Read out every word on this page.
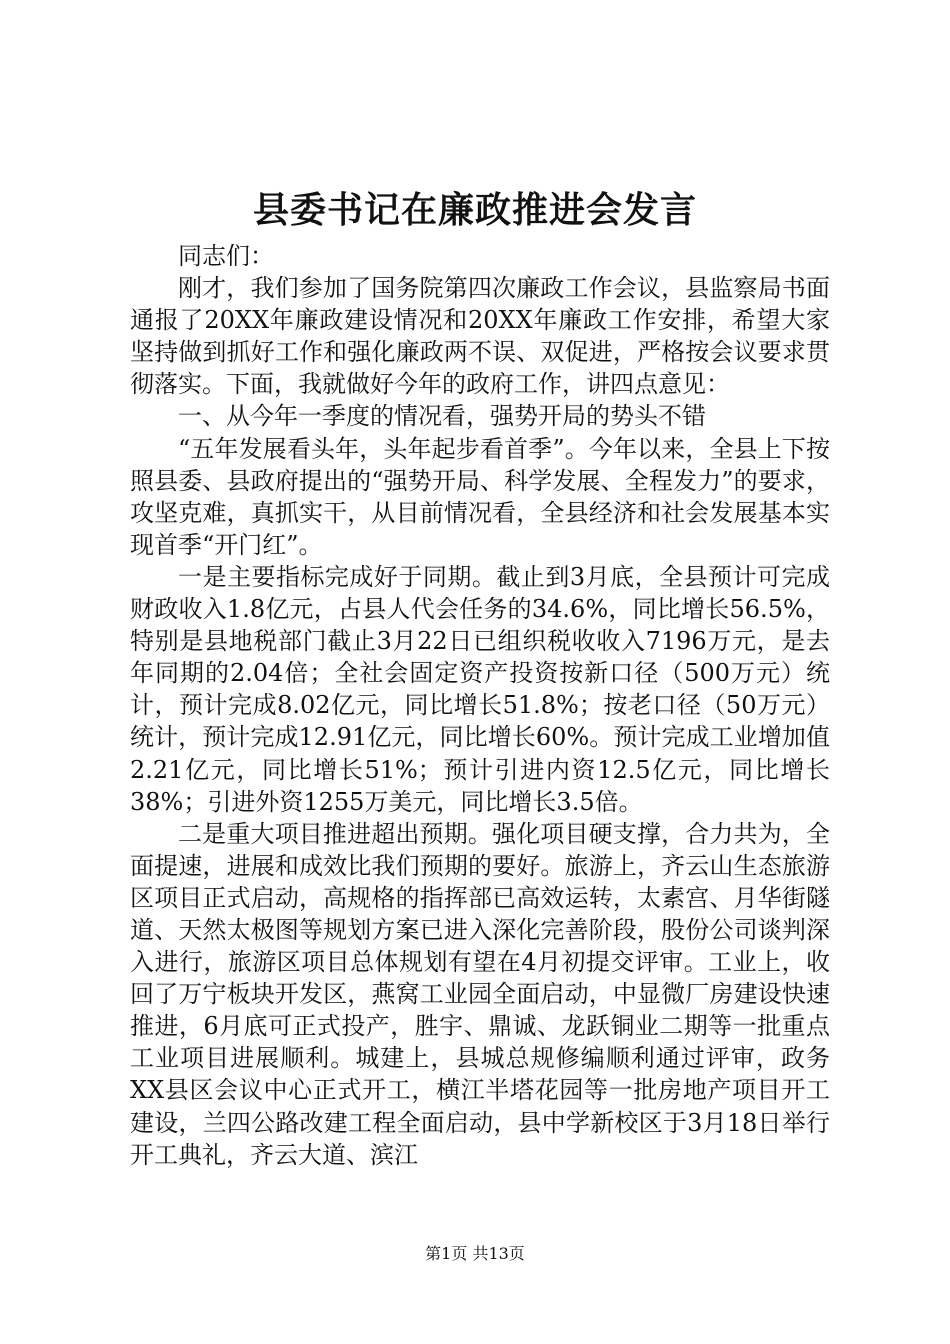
县委书记在廉政推进会发言

同志们：

刚才，我们参加了国务院第四次廉政工作会议，县监察局书面通报了20XX年廉政建设情况和20XX年廉政工作安排，希望大家坚持做到抓好工作和强化廉政两不误、双促进，严格按会议要求贯彻落实。下面，我就做好今年的政府工作，讲四点意见：

一、从今年一季度的情况看，强势开局的势头不错

“五年发展看头年，头年起步看首季”。今年以来，全县上下按照县委、县政府提出的“强势开局、科学发展、全程发力”的要求，攻坚克难，真抓实干，从目前情况看，全县经济和社会发展基本实现首季“开门红”。

一是主要指标完成好于同期。截止到3月底，全县预计可完成财政收入1.8亿元，占县人代会任务的34.6%，同比增长56.5%，特别是县地税部门截止3月22日已组织税收收入7196万元，是去年同期的2.04倍；全社会固定资产投资按新口径（500万元）统计，预计完成8.02亿元，同比增长51.8%；按老口径（50万元）统计，预计完成12.91亿元，同比增长60%。预计完成工业增加值2.21亿元，同比增长51%；预计引进内资12.5亿元，同比增长38%；引进外资1255万美元，同比增长3.5倍。

二是重大项目推进超出预期。强化项目硬支撑，合力共为，全面提速，进展和成效比我们预期的要好。旅游上，齐云山生态旅游区项目正式启动，高规格的指挥部已高效运转，太素宫、月华街隧道、天然太极图等规划方案已进入深化完善阶段，股份公司谈判深入进行，旅游区项目总体规划有望在4月初提交评审。工业上，收回了万宁板块开发区，燕窝工业园全面启动，中显微厂房建设快速推进，6月底可正式投产，胜宇、鼎诚、龙跃铜业二期等一批重点工业项目进展顺利。城建上，县城总规修编顺利通过评审，政务XX县区会议中心正式开工，横江半塔花园等一批房地产项目开工建设，兰四公路改建工程全面启动，县中学新校区于3月18日举行开工典礼，齐云大道、滨江

第1页 共13页
